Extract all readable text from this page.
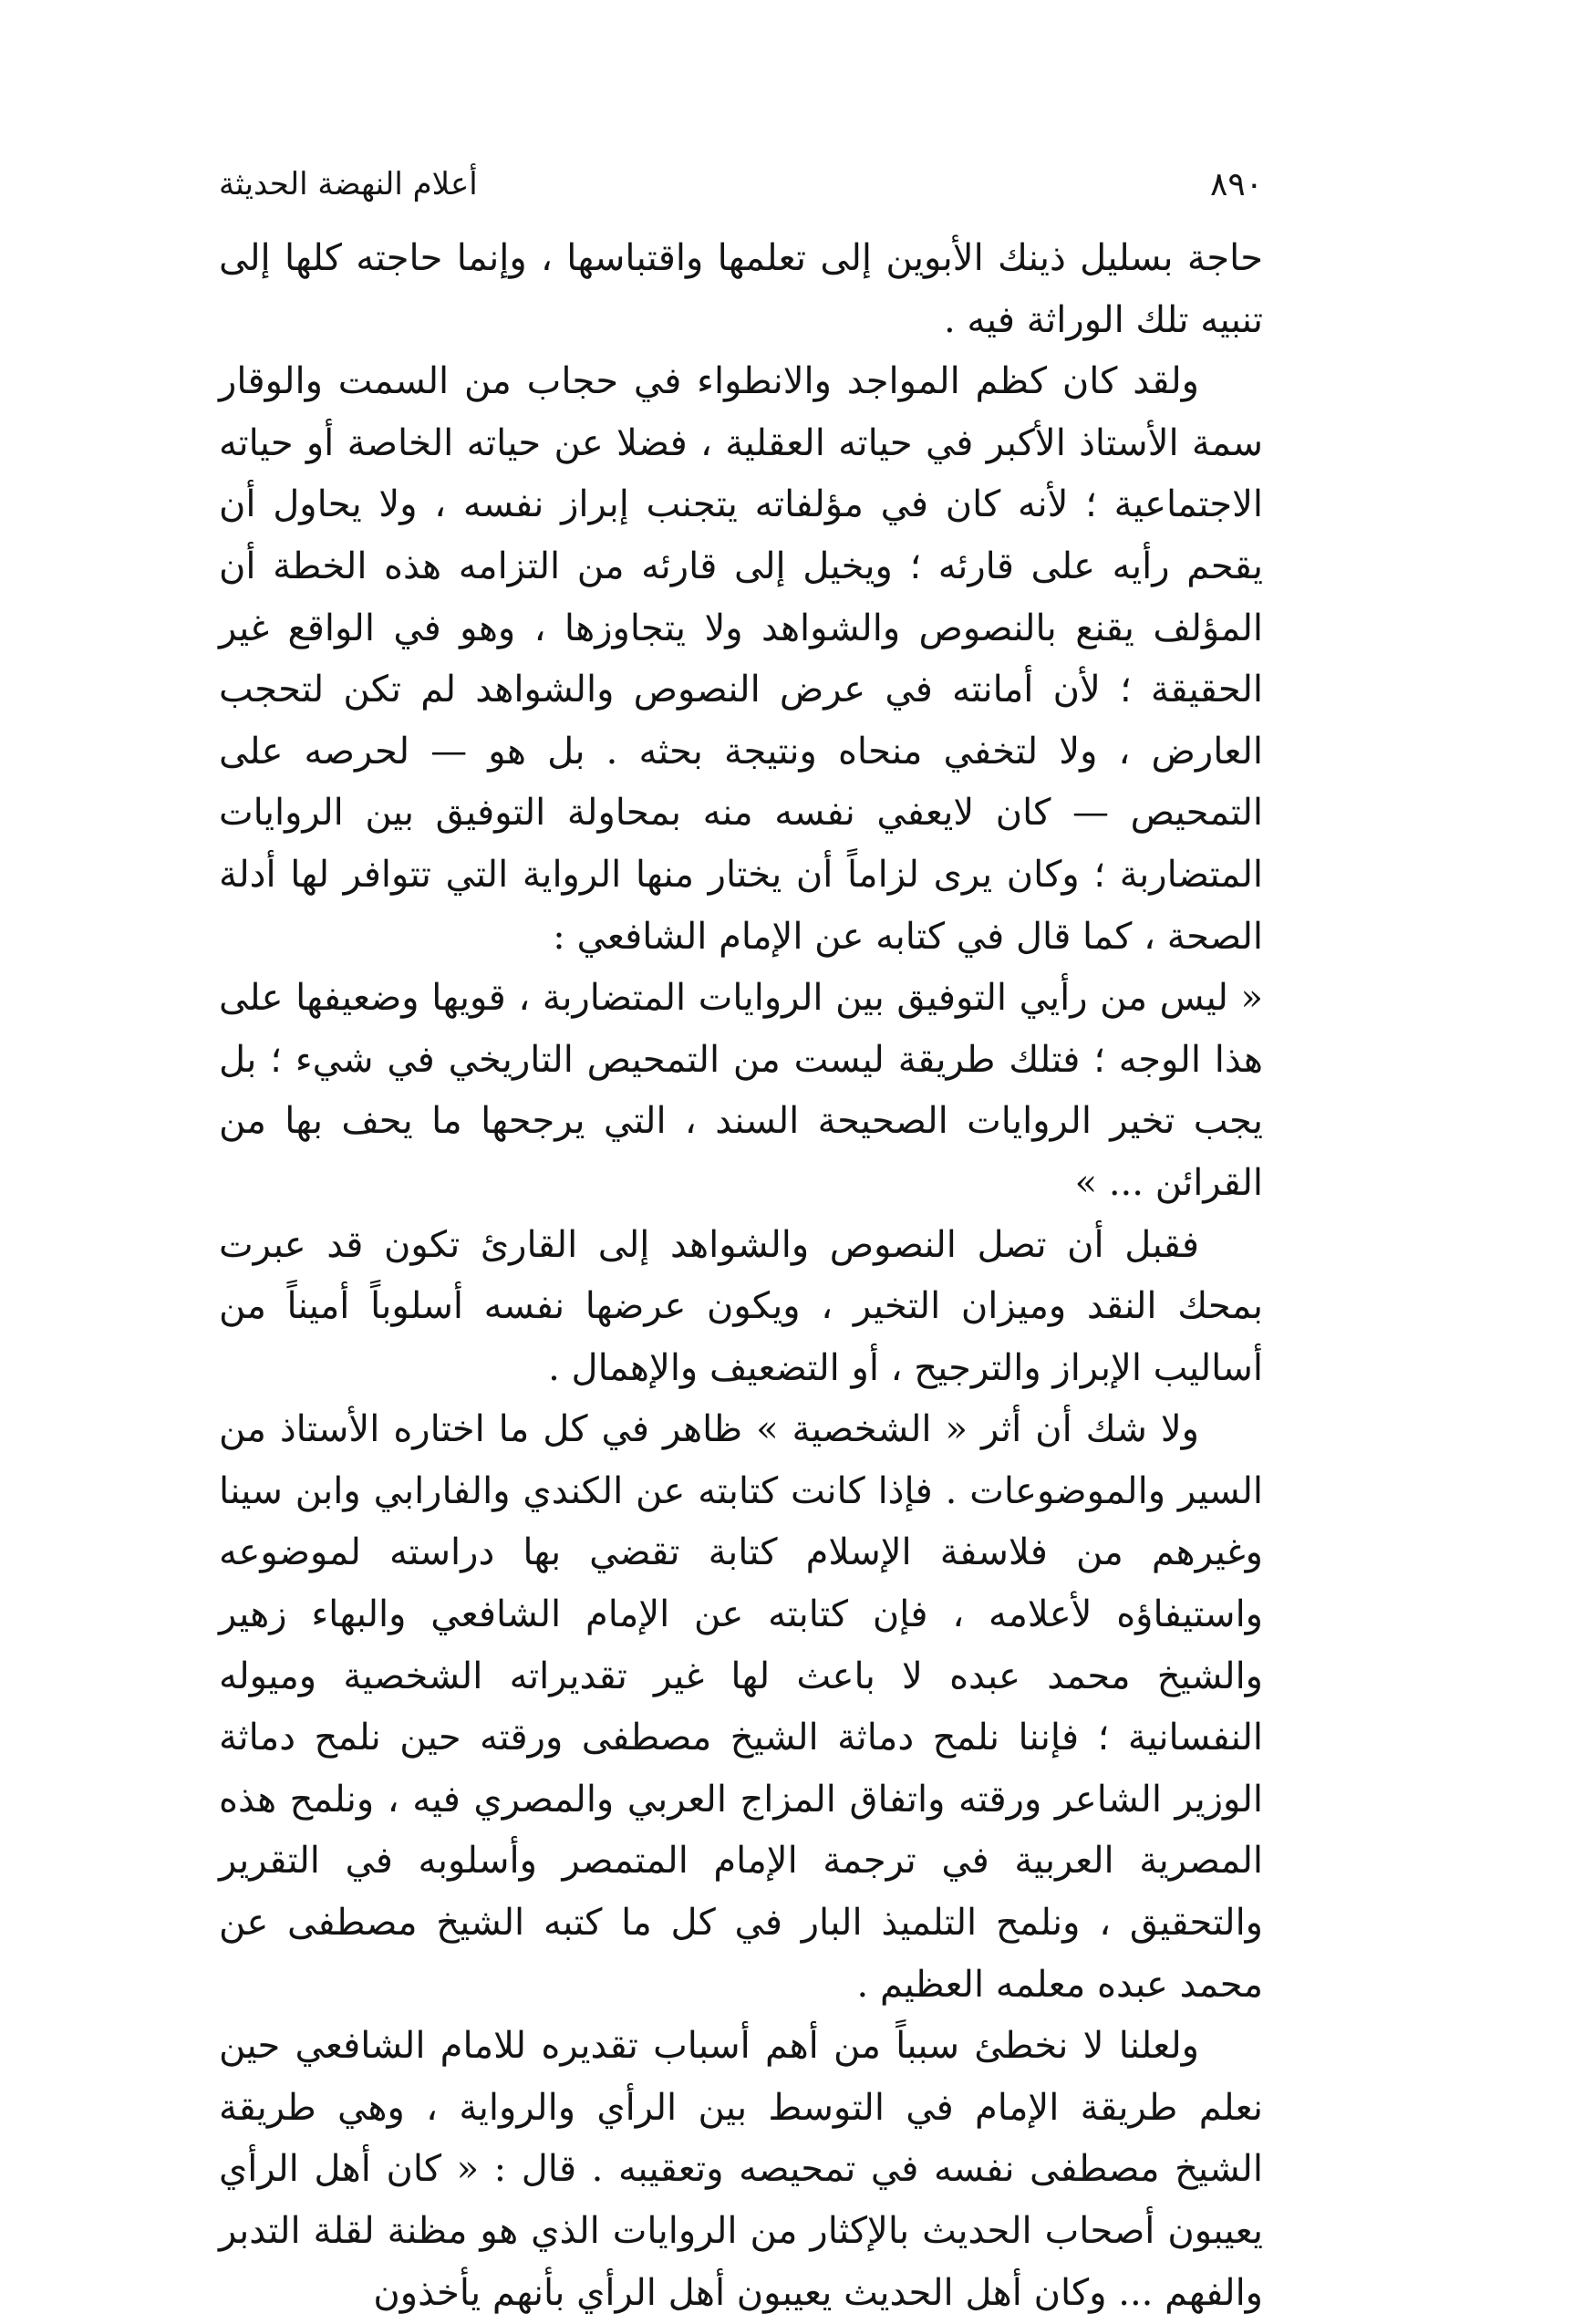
٨٩٠
أعلام النهضة الحديثة

حاجة بسليل ذينك الأبوين إلى تعلمها واقتباسها ، وإنما حاجته كلها إلى تنبيه تلك الوراثة فيه .

ولقد كان كظم المواجد والانطواء في حجاب من السمت والوقار سمة الأستاذ الأكبر في حياته العقلية ، فضلا عن حياته الخاصة أو حياته الاجتماعية ؛ لأنه كان في مؤلفاته يتجنب إبراز نفسه ، ولا يحاول أن يقحم رأيه على قارئه ؛ ويخيل إلى قارئه من التزامه هذه الخطة أن المؤلف يقنع بالنصوص والشواهد ولا يتجاوزها ، وهو في الواقع غير الحقيقة ؛ لأن أمانته في عرض النصوص والشواهد لم تكن لتحجب العارض ، ولا لتخفي منحاه ونتيجة بحثه . بل هو — لحرصه على التمحيص — كان لايعفي نفسه منه بمحاولة التوفيق بين الروايات المتضاربة ؛ وكان يرى لزاماً أن يختار منها الرواية التي تتوافر لها أدلة الصحة ، كما قال في كتابه عن الإمام الشافعي :

« ليس من رأيي التوفيق بين الروايات المتضاربة ، قويها وضعيفها على هذا الوجه ؛ فتلك طريقة ليست من التمحيص التاريخي في شيء ؛ بل يجب تخير الروايات الصحيحة السند ، التي يرجحها ما يحف بها من القرائن ... »

فقبل أن تصل النصوص والشواهد إلى القارئ تكون قد عبرت بمحك النقد وميزان التخير ، ويكون عرضها نفسه أسلوباً أميناً من أساليب الإبراز والترجيح ، أو التضعيف والإهمال .

ولا شك أن أثر « الشخصية » ظاهر في كل ما اختاره الأستاذ من السير والموضوعات . فإذا كانت كتابته عن الكندي والفارابي وابن سينا وغيرهم من فلاسفة الإسلام كتابة تقضي بها دراسته لموضوعه واستيفاؤه لأعلامه ، فإن كتابته عن الإمام الشافعي والبهاء زهير والشيخ محمد عبده لا باعث لها غير تقديراته الشخصية وميوله النفسانية ؛ فإننا نلمح دماثة الشيخ مصطفى ورقته حين نلمح دماثة الوزير الشاعر ورقته واتفاق المزاج العربي والمصري فيه ، ونلمح هذه المصرية العربية في ترجمة الإمام المتمصر وأسلوبه في التقرير والتحقيق ، ونلمح التلميذ البار في كل ما كتبه الشيخ مصطفى عن محمد عبده معلمه العظيم .

ولعلنا لا نخطئ سبباً من أهم أسباب تقديره للامام الشافعي حين نعلم طريقة الإمام في التوسط بين الرأي والرواية ، وهي طريقة الشيخ مصطفى نفسه في تمحيصه وتعقيبه . قال : « كان أهل الرأي يعيبون أصحاب الحديث بالإكثار من الروايات الذي هو مظنة لقلة التدبر والفهم ... وكان أهل الحديث يعيبون أهل الرأي بأنهم يأخذون
